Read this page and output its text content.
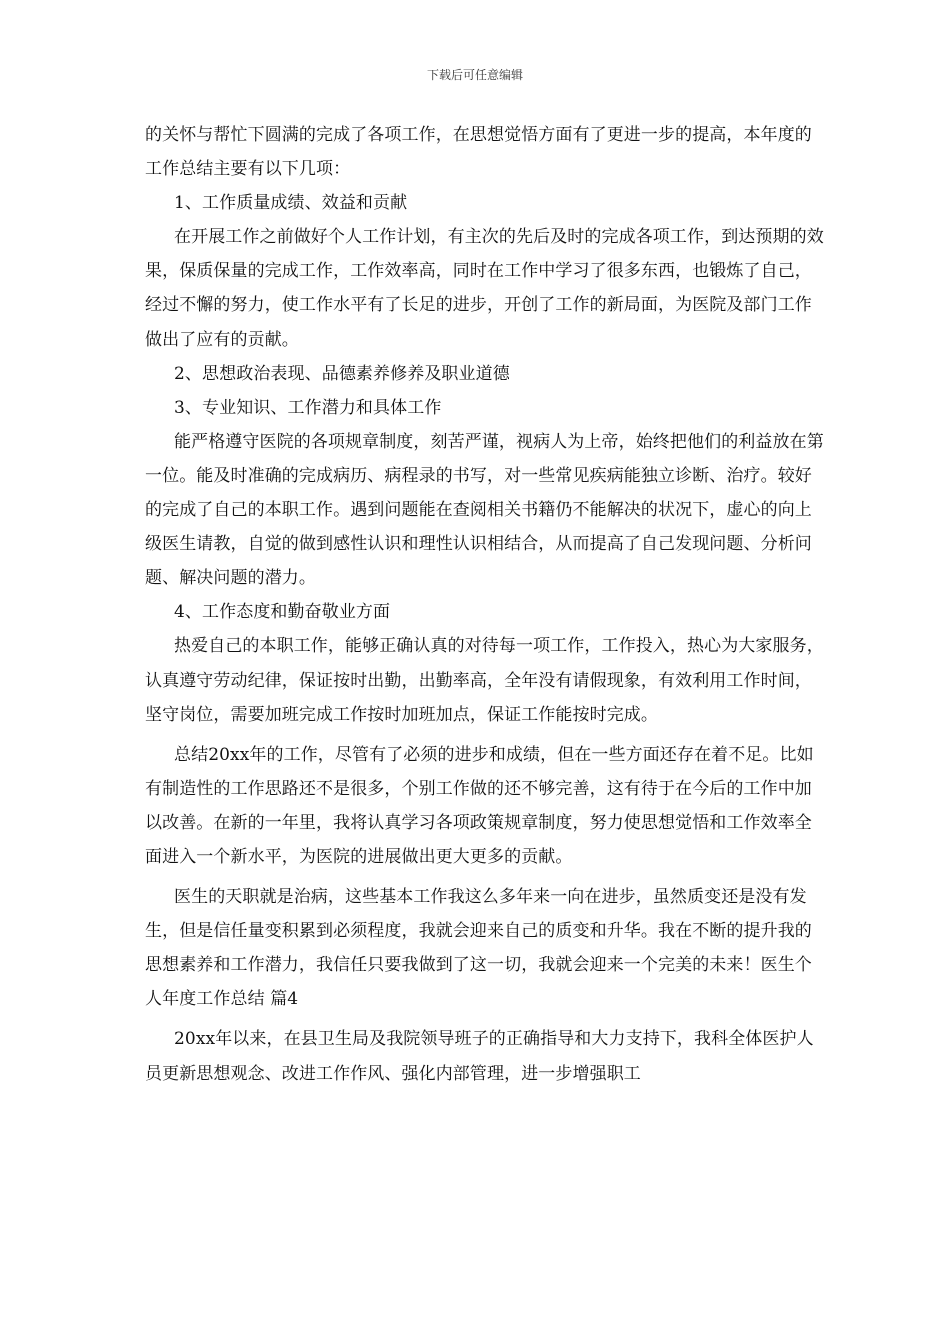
下载后可任意编辑

的关怀与帮忙下圆满的完成了各项工作，在思想觉悟方面有了更进一步的提高，本年度的工作总结主要有以下几项：

1、工作质量成绩、效益和贡献

在开展工作之前做好个人工作计划，有主次的先后及时的完成各项工作，到达预期的效果，保质保量的完成工作，工作效率高，同时在工作中学习了很多东西，也锻炼了自己，经过不懈的努力，使工作水平有了长足的进步，开创了工作的新局面，为医院及部门工作做出了应有的贡献。

2、思想政治表现、品德素养修养及职业道德

3、专业知识、工作潜力和具体工作

能严格遵守医院的各项规章制度，刻苦严谨，视病人为上帝，始终把他们的利益放在第一位。能及时准确的完成病历、病程录的书写，对一些常见疾病能独立诊断、治疗。较好的完成了自己的本职工作。遇到问题能在查阅相关书籍仍不能解决的状况下，虚心的向上级医生请教，自觉的做到感性认识和理性认识相结合，从而提高了自己发现问题、分析问题、解决问题的潜力。

4、工作态度和勤奋敬业方面

热爱自己的本职工作，能够正确认真的对待每一项工作，工作投入，热心为大家服务，认真遵守劳动纪律，保证按时出勤，出勤率高，全年没有请假现象，有效利用工作时间，坚守岗位，需要加班完成工作按时加班加点，保证工作能按时完成。

总结20xx年的工作，尽管有了必须的进步和成绩，但在一些方面还存在着不足。比如有制造性的工作思路还不是很多，个别工作做的还不够完善，这有待于在今后的工作中加以改善。在新的一年里，我将认真学习各项政策规章制度，努力使思想觉悟和工作效率全面进入一个新水平，为医院的进展做出更大更多的贡献。

医生的天职就是治病，这些基本工作我这么多年来一向在进步，虽然质变还是没有发生，但是信任量变积累到必须程度，我就会迎来自己的质变和升华。我在不断的提升我的思想素养和工作潜力，我信任只要我做到了这一切，我就会迎来一个完美的未来！医生个人年度工作总结 篇4

20xx年以来，在县卫生局及我院领导班子的正确指导和大力支持下，我科全体医护人员更新思想观念、改进工作作风、强化内部管理，进一步增强职工
